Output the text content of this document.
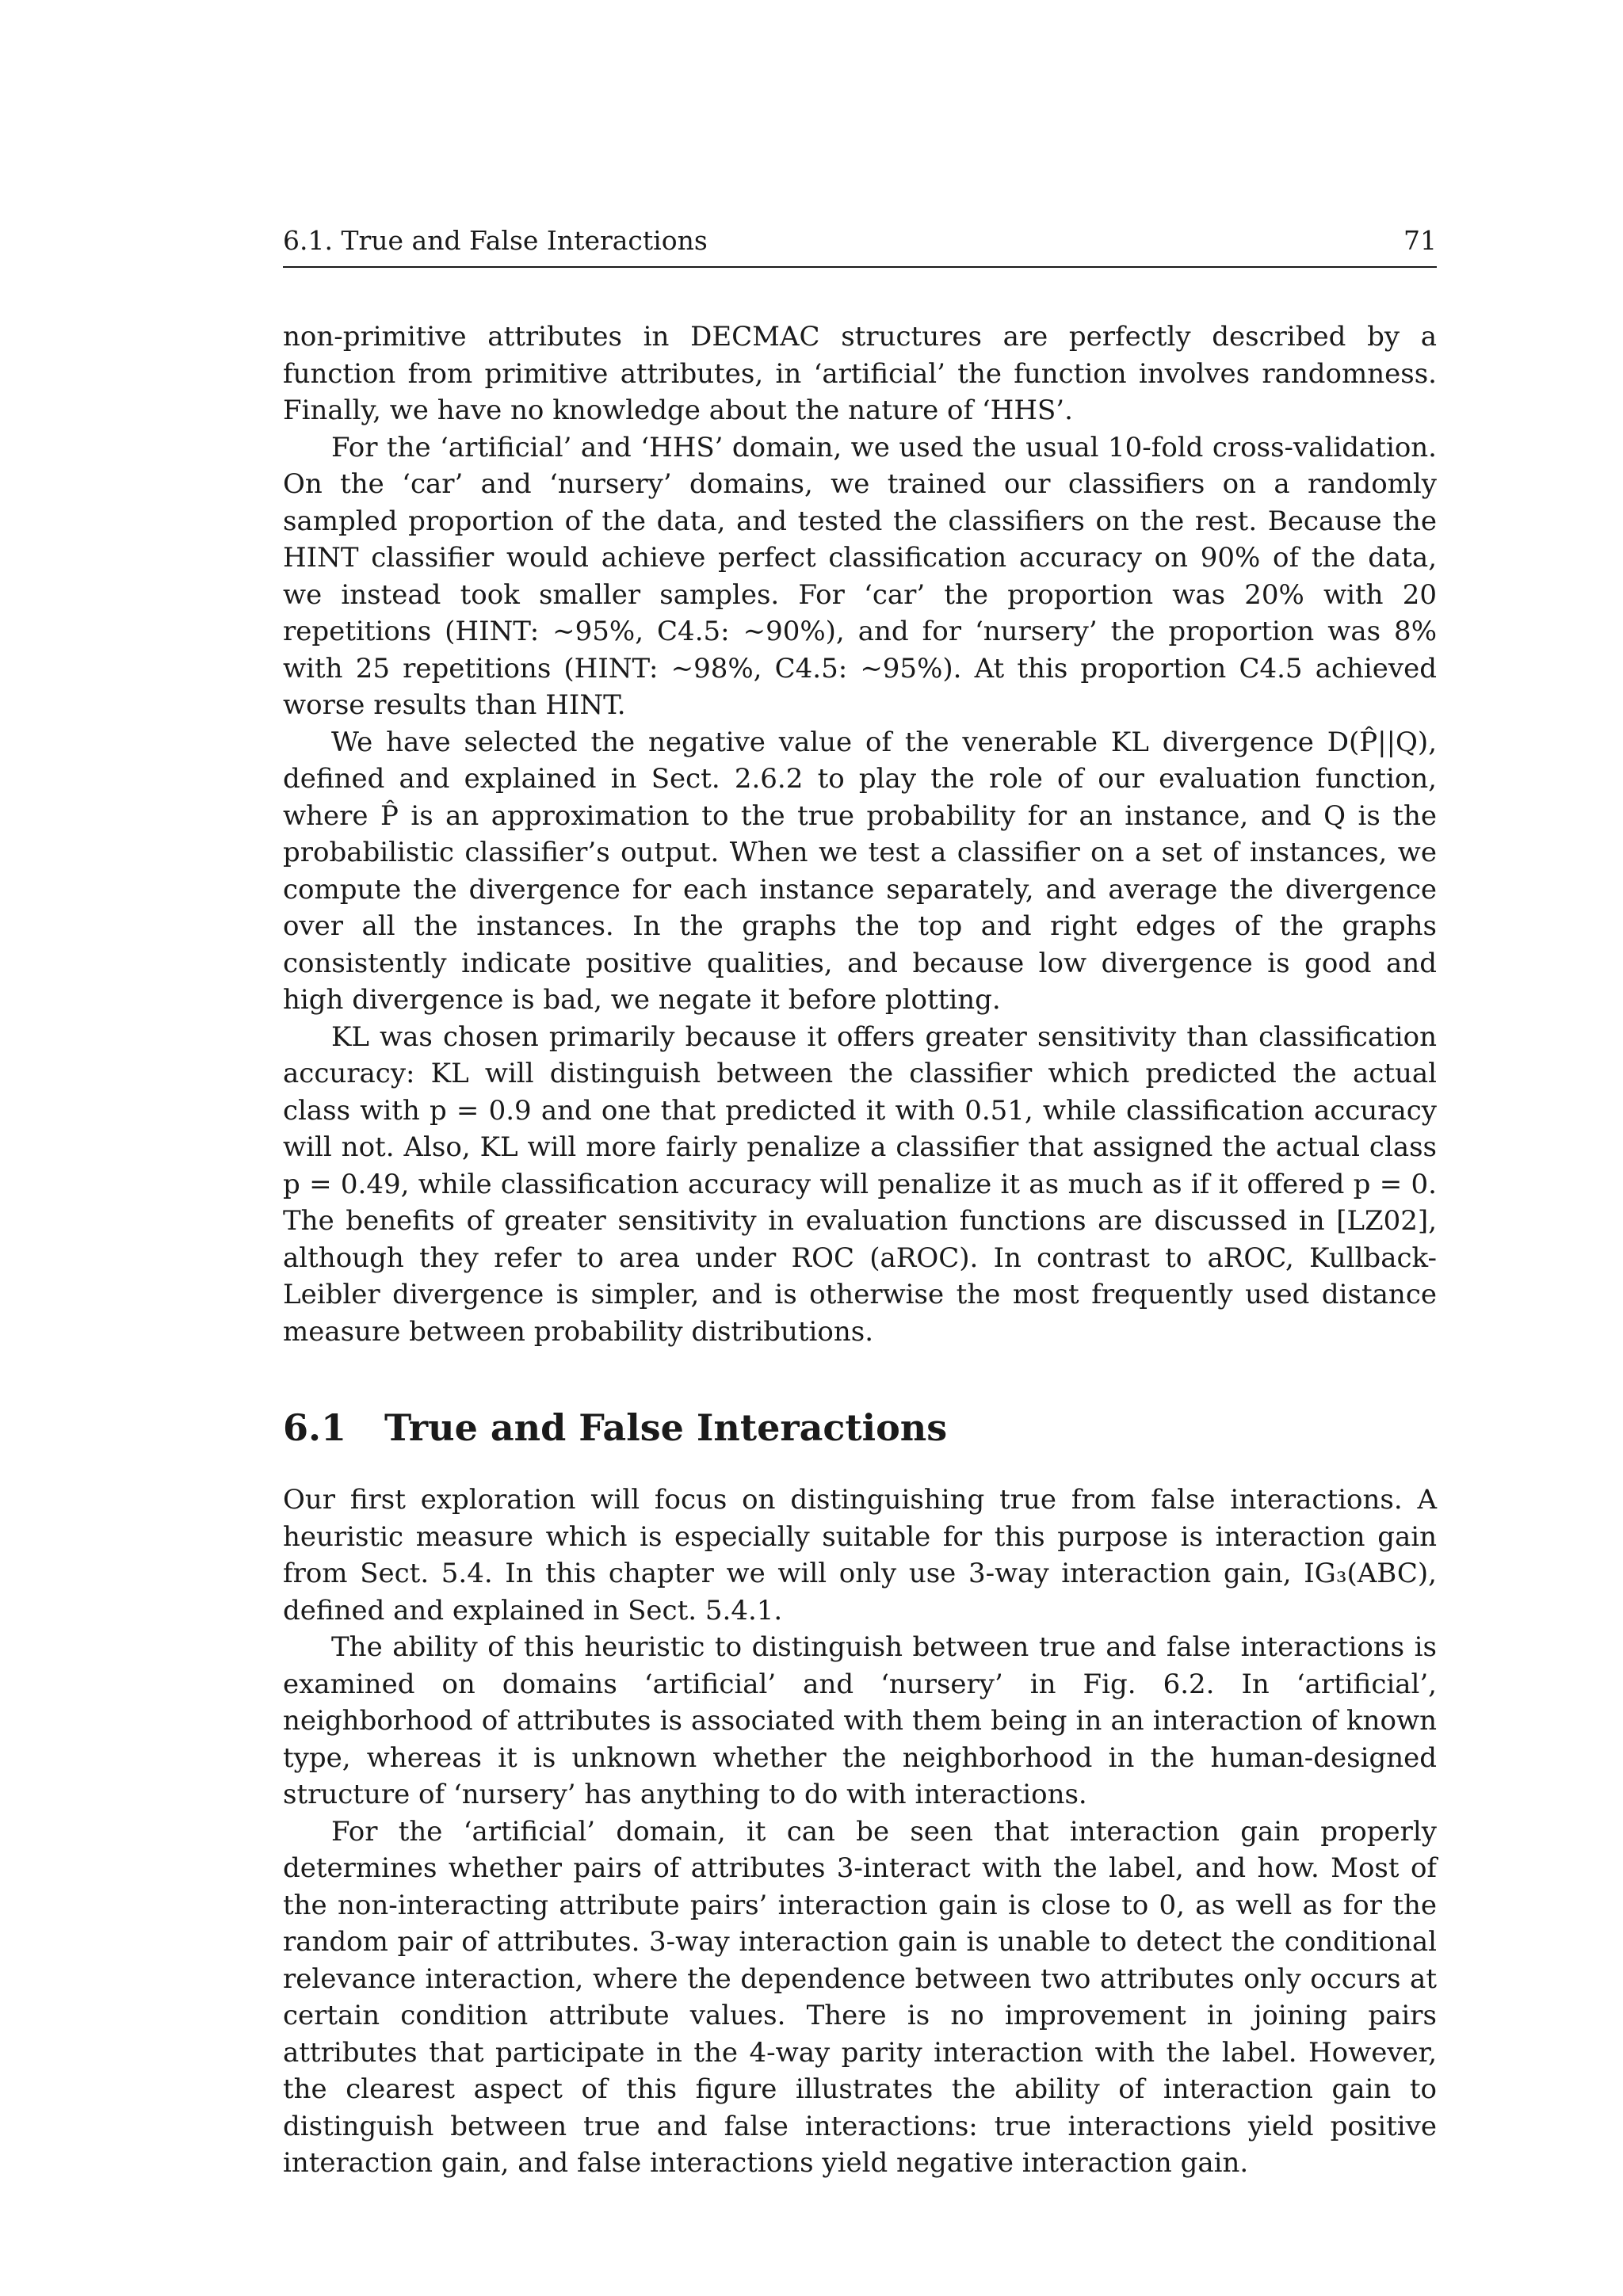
6.1. True and False Interactions	71

non-primitive attributes in DECMAC structures are perfectly described by a function from primitive attributes, in ‘artificial’ the function involves randomness. Finally, we have no knowledge about the nature of ‘HHS’.

For the ‘artificial’ and ‘HHS’ domain, we used the usual 10-fold cross-validation. On the ‘car’ and ‘nursery’ domains, we trained our classifiers on a randomly sampled proportion of the data, and tested the classifiers on the rest. Because the HINT classifier would achieve perfect classification accuracy on 90% of the data, we instead took smaller samples. For ‘car’ the proportion was 20% with 20 repetitions (HINT: ∼95%, C4.5: ∼90%), and for ‘nursery’ the proportion was 8% with 25 repetitions (HINT: ∼98%, C4.5: ∼95%). At this proportion C4.5 achieved worse results than HINT.

We have selected the negative value of the venerable KL divergence D(P̂||Q), defined and explained in Sect. 2.6.2 to play the role of our evaluation function, where P̂ is an approximation to the true probability for an instance, and Q is the probabilistic classifier’s output. When we test a classifier on a set of instances, we compute the divergence for each instance separately, and average the divergence over all the instances. In the graphs the top and right edges of the graphs consistently indicate positive qualities, and because low divergence is good and high divergence is bad, we negate it before plotting.

KL was chosen primarily because it offers greater sensitivity than classification accuracy: KL will distinguish between the classifier which predicted the actual class with p = 0.9 and one that predicted it with 0.51, while classification accuracy will not. Also, KL will more fairly penalize a classifier that assigned the actual class p = 0.49, while classification accuracy will penalize it as much as if it offered p = 0. The benefits of greater sensitivity in evaluation functions are discussed in [LZ02], although they refer to area under ROC (aROC). In contrast to aROC, Kullback-Leibler divergence is simpler, and is otherwise the most frequently used distance measure between probability distributions.

6.1	True and False Interactions

Our first exploration will focus on distinguishing true from false interactions. A heuristic measure which is especially suitable for this purpose is interaction gain from Sect. 5.4. In this chapter we will only use 3-way interaction gain, IG₃(ABC), defined and explained in Sect. 5.4.1.

The ability of this heuristic to distinguish between true and false interactions is examined on domains ‘artificial’ and ‘nursery’ in Fig. 6.2. In ‘artificial’, neighborhood of attributes is associated with them being in an interaction of known type, whereas it is unknown whether the neighborhood in the human-designed structure of ‘nursery’ has anything to do with interactions.

For the ‘artificial’ domain, it can be seen that interaction gain properly determines whether pairs of attributes 3-interact with the label, and how. Most of the non-interacting attribute pairs’ interaction gain is close to 0, as well as for the random pair of attributes. 3-way interaction gain is unable to detect the conditional relevance interaction, where the dependence between two attributes only occurs at certain condition attribute values. There is no improvement in joining pairs attributes that participate in the 4-way parity interaction with the label. However, the clearest aspect of this figure illustrates the ability of interaction gain to distinguish between true and false interactions: true interactions yield positive interaction gain, and false interactions yield negative interaction gain.
